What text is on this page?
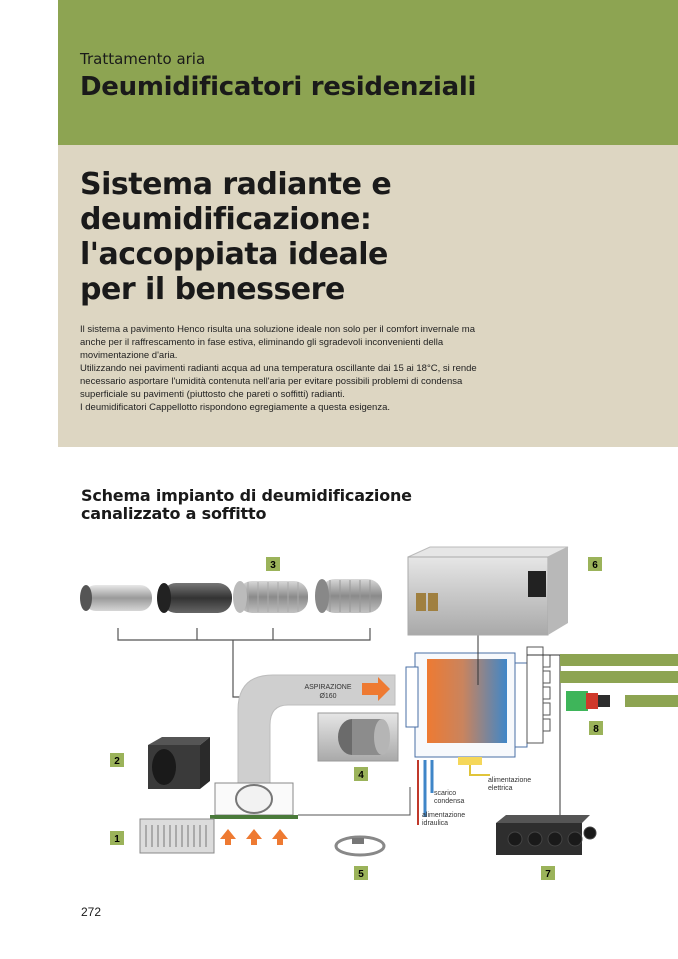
Trattamento aria
Deumidificatori residenziali
Sistema radiante e
deumidificazione:
l'accoppiata ideale
per il benessere

Il sistema a pavimento Henco risulta una soluzione ideale non solo per il comfort invernale ma anche per il raffrescamento in fase estiva, eliminando gli sgradevoli inconvenienti della movimentazione d'aria.

Utilizzando nei pavimenti radianti acqua ad una temperatura oscillante dai 15 ai 18°C, si rende necessario asportare l'umidità contenuta nell'aria per evitare possibili problemi di condensa superficiale su pavimenti (piuttosto che pareti o soffitti) radianti.

I deumidificatori Cappellotto rispondono egregiamente a questa esigenza.

Schema impianto di deumidificazione
canalizzato a soffitto
3
ASPIRAZIONE
Ø160
2
1
4
5
scarico
condensa
alimentazione
idraulica
alimentazione
elettrica
6
8
7
272
